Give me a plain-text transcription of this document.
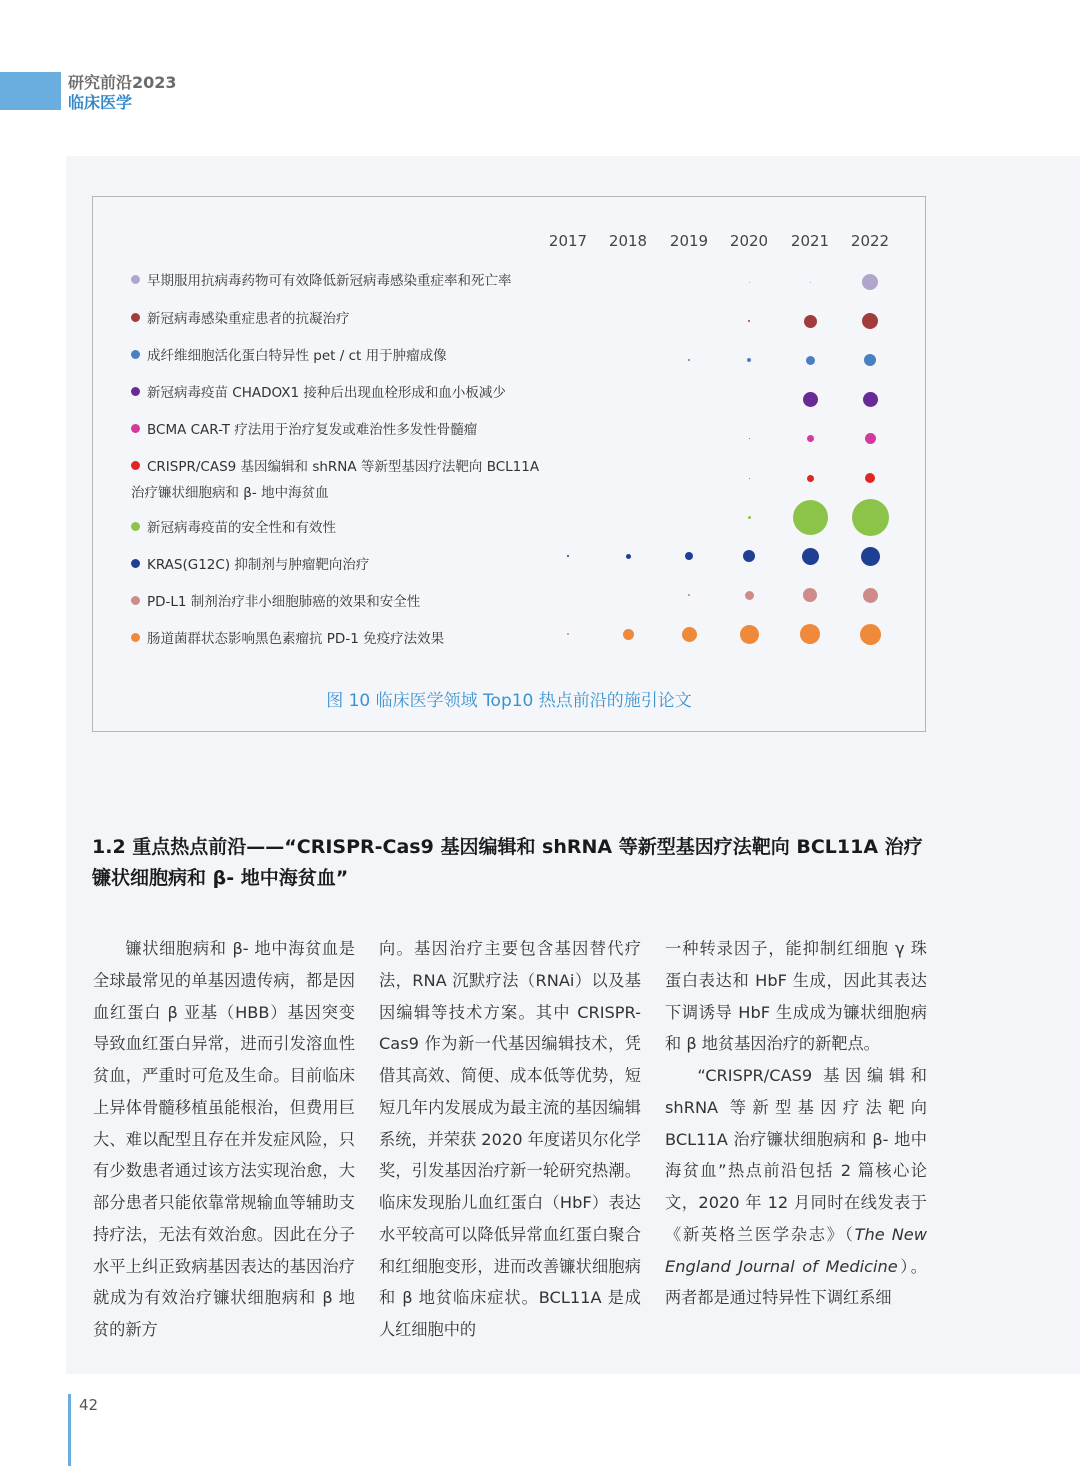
研究前沿2023
临床医学
2017 2018 2019 2020 2021 2022
早期服用抗病毒药物可有效降低新冠病毒感染重症率和死亡率
新冠病毒感染重症患者的抗凝治疗
成纤维细胞活化蛋白特异性 pet / ct 用于肿瘤成像
新冠病毒疫苗 CHADOX1 接种后出现血栓形成和血小板减少
BCMA CAR-T 疗法用于治疗复发或难治性多发性骨髓瘤
CRISPR/CAS9 基因编辑和 shRNA 等新型基因疗法靶向 BCL11A
治疗镰状细胞病和 β- 地中海贫血
新冠病毒疫苗的安全性和有效性
KRAS(G12C) 抑制剂与肿瘤靶向治疗
PD-L1 制剂治疗非小细胞肺癌的效果和安全性
肠道菌群状态影响黑色素瘤抗 PD-1 免疫疗法效果
图 10 临床医学领域 Top10 热点前沿的施引论文
1.2 重点热点前沿——“CRISPR-Cas9 基因编辑和 shRNA 等新型基因疗法靶向 BCL11A 治疗镰状细胞病和 β- 地中海贫血”

镰状细胞病和 β- 地中海贫血是全球最常见的单基因遗传病，都是因血红蛋白 β 亚基（HBB）基因突变导致血红蛋白异常，进而引发溶血性贫血，严重时可危及生命。目前临床上异体骨髓移植虽能根治，但费用巨大、难以配型且存在并发症风险，只有少数患者通过该方法实现治愈，大部分患者只能依靠常规输血等辅助支持疗法，无法有效治愈。因此在分子水平上纠正致病基因表达的基因治疗就成为有效治疗镰状细胞病和 β 地贫的新方

向。基因治疗主要包含基因替代疗法，RNA 沉默疗法（RNAi）以及基因编辑等技术方案。其中 CRISPR-Cas9 作为新一代基因编辑技术，凭借其高效、简便、成本低等优势，短短几年内发展成为最主流的基因编辑系统，并荣获 2020 年度诺贝尔化学奖，引发基因治疗新一轮研究热潮。临床发现胎儿血红蛋白（HbF）表达水平较高可以降低异常血红蛋白聚合和红细胞变形，进而改善镰状细胞病和 β 地贫临床症状。BCL11A 是成人红细胞中的

一种转录因子，能抑制红细胞 γ 珠蛋白表达和 HbF 生成，因此其表达下调诱导 HbF 生成成为镰状细胞病和 β 地贫基因治疗的新靶点。

“CRISPR/CAS9 基因编辑和 shRNA 等新型基因疗法靶向 BCL11A 治疗镰状细胞病和 β- 地中海贫血”热点前沿包括 2 篇核心论文，2020 年 12 月同时在线发表于《新英格兰医学杂志》（The New England Journal of Medicine）。两者都是通过特异性下调红系细

42
